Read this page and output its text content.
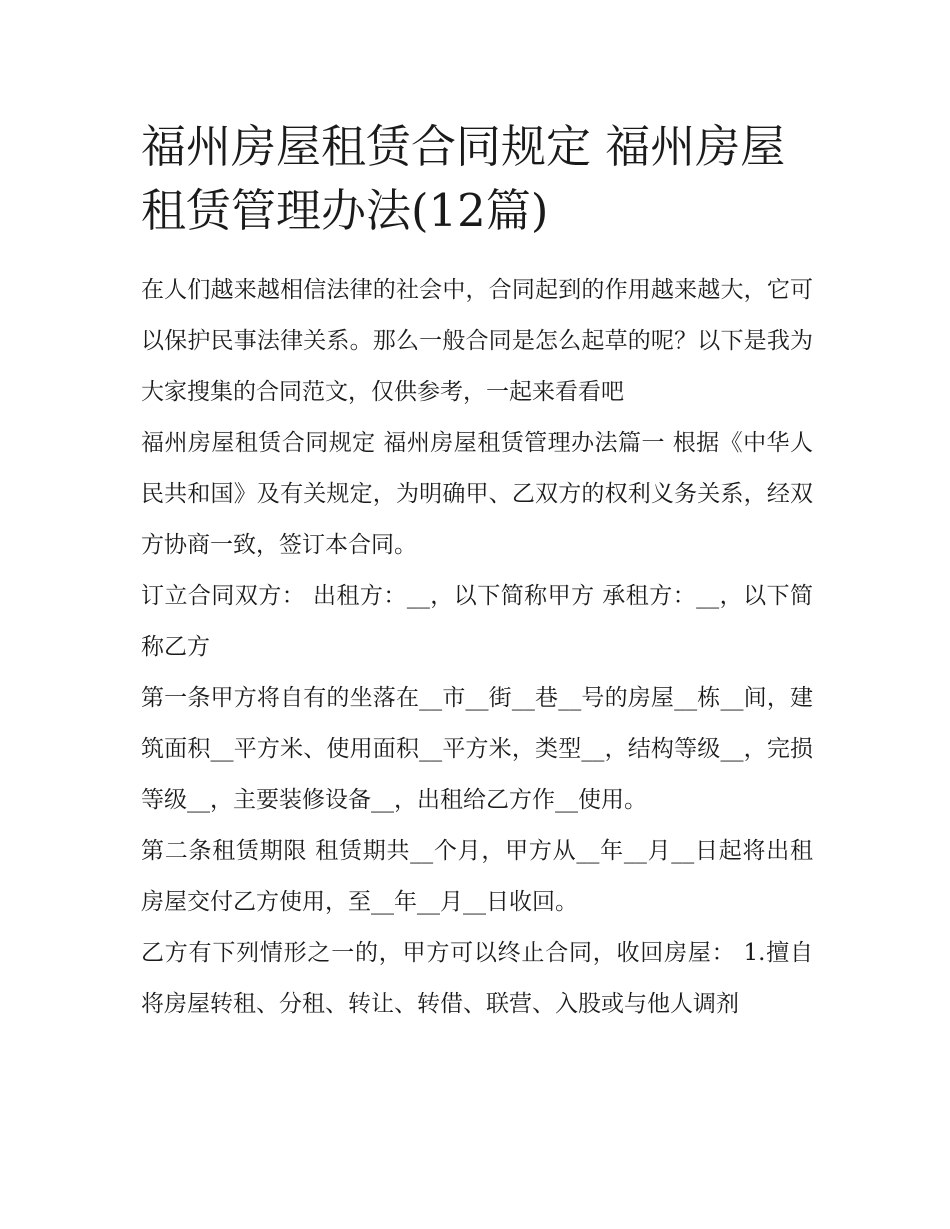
福州房屋租赁合同规定 福州房屋租赁管理办法(12篇)

在人们越来越相信法律的社会中，合同起到的作用越来越大，它可以保护民事法律关系。那么一般合同是怎么起草的呢？以下是我为大家搜集的合同范文，仅供参考，一起来看看吧

福州房屋租赁合同规定 福州房屋租赁管理办法篇一 根据《中华人民共和国》及有关规定，为明确甲、乙双方的权利义务关系，经双方协商一致，签订本合同。

订立合同双方： 出租方：__，以下简称甲方 承租方：__，以下简称乙方

第一条甲方将自有的坐落在__市__街__巷__号的房屋__栋__间，建筑面积__平方米、使用面积__平方米，类型__，结构等级__，完损等级__，主要装修设备__，出租给乙方作__使用。

第二条租赁期限 租赁期共__个月，甲方从__年__月__日起将出租房屋交付乙方使用，至__年__月__日收回。

乙方有下列情形之一的，甲方可以终止合同，收回房屋： 1.擅自将房屋转租、分租、转让、转借、联营、入股或与他人调剂
